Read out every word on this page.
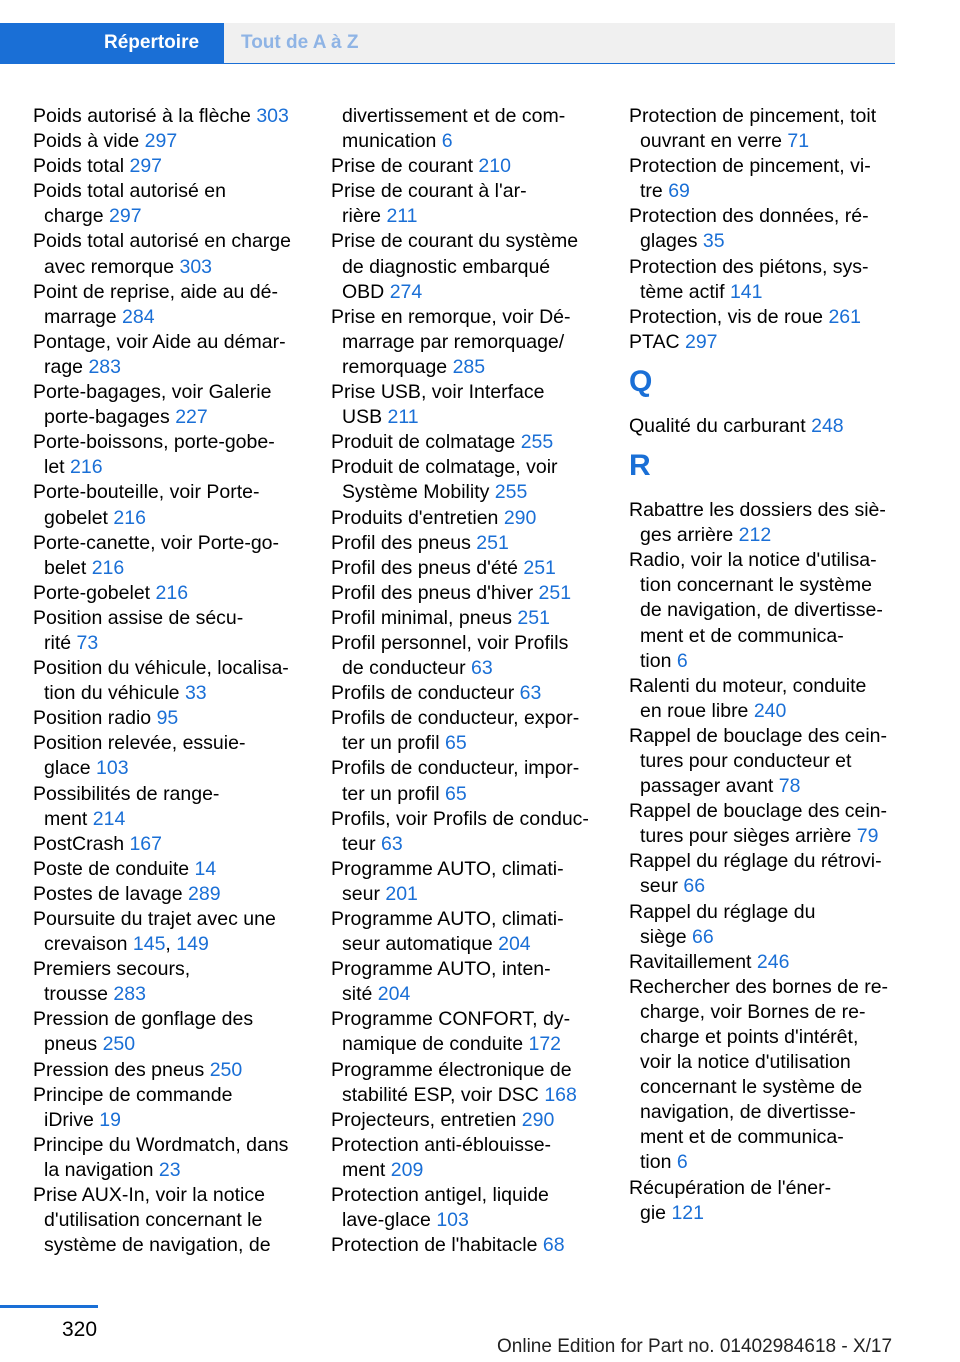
Répertoire	Tout de A à Z
Poids autorisé à la flèche 303
Poids à vide 297
Poids total 297
Poids total autorisé en
charge 297
Poids total autorisé en charge
avec remorque 303
Point de reprise, aide au dé-
marrage 284
Pontage, voir Aide au démar-
rage 283
Porte-bagages, voir Galerie
porte-bagages 227
Porte-boissons, porte-gobe-
let 216
Porte-bouteille, voir Porte-
gobelet 216
Porte-canette, voir Porte-go-
belet 216
Porte-gobelet 216
Position assise de sécu-
rité 73
Position du véhicule, localisa-
tion du véhicule 33
Position radio 95
Position relevée, essuie-
glace 103
Possibilités de range-
ment 214
PostCrash 167
Poste de conduite 14
Postes de lavage 289
Poursuite du trajet avec une
crevaison 145, 149
Premiers secours,
trousse 283
Pression de gonflage des
pneus 250
Pression des pneus 250
Principe de commande
iDrive 19
Principe du Wordmatch, dans
la navigation 23
Prise AUX-In, voir la notice
d'utilisation concernant le
système de navigation, de
divertissement et de com-
munication 6
Prise de courant 210
Prise de courant à l'ar-
rière 211
Prise de courant du système
de diagnostic embarqué
OBD 274
Prise en remorque, voir Dé-
marrage par remorquage/
remorquage 285
Prise USB, voir Interface
USB 211
Produit de colmatage 255
Produit de colmatage, voir
Système Mobility 255
Produits d'entretien 290
Profil des pneus 251
Profil des pneus d'été 251
Profil des pneus d'hiver 251
Profil minimal, pneus 251
Profil personnel, voir Profils
de conducteur 63
Profils de conducteur 63
Profils de conducteur, expor-
ter un profil 65
Profils de conducteur, impor-
ter un profil 65
Profils, voir Profils de conduc-
teur 63
Programme AUTO, climati-
seur 201
Programme AUTO, climati-
seur automatique 204
Programme AUTO, inten-
sité 204
Programme CONFORT, dy-
namique de conduite 172
Programme électronique de
stabilité ESP, voir DSC 168
Projecteurs, entretien 290
Protection anti-éblouisse-
ment 209
Protection antigel, liquide
lave-glace 103
Protection de l'habitacle 68
Protection de pincement, toit
ouvrant en verre 71
Protection de pincement, vi-
tre 69
Protection des données, ré-
glages 35
Protection des piétons, sys-
tème actif 141
Protection, vis de roue 261
PTAC 297
Q
Qualité du carburant 248
R
Rabattre les dossiers des siè-
ges arrière 212
Radio, voir la notice d'utilisa-
tion concernant le système
de navigation, de divertisse-
ment et de communica-
tion 6
Ralenti du moteur, conduite
en roue libre 240
Rappel de bouclage des cein-
tures pour conducteur et
passager avant 78
Rappel de bouclage des cein-
tures pour sièges arrière 79
Rappel du réglage du rétrovi-
seur 66
Rappel du réglage du
siège 66
Ravitaillement 246
Rechercher des bornes de re-
charge, voir Bornes de re-
charge et points d'intérêt,
voir la notice d'utilisation
concernant le système de
navigation, de divertisse-
ment et de communica-
tion 6
Récupération de l'éner-
gie 121
320
Online Edition for Part no. 01402984618 - X/17
